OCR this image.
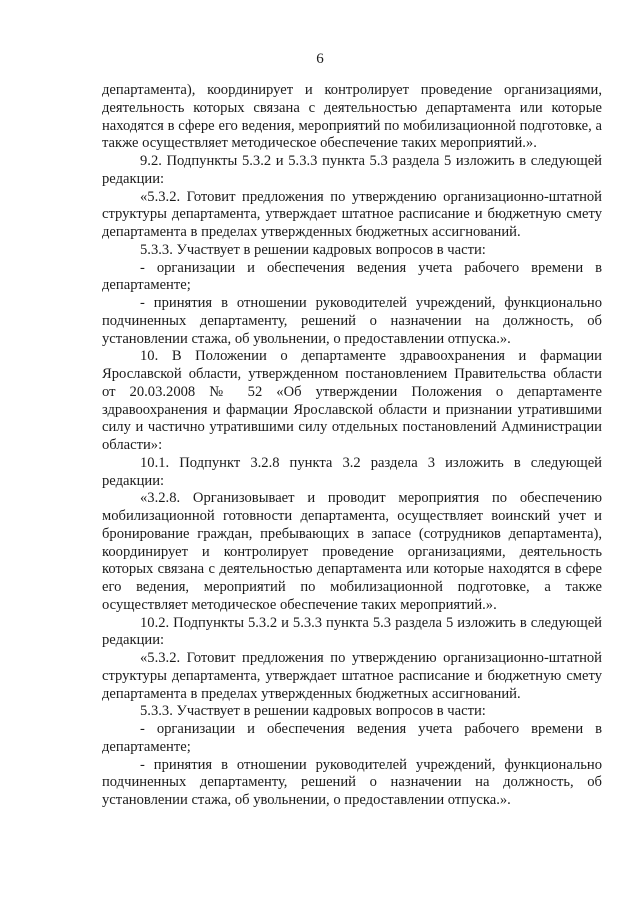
6

департамента), координирует и контролирует проведение организациями, деятельность которых связана с деятельностью департамента или которые находятся в сфере его ведения, мероприятий по мобилизационной подготовке, а также осуществляет методическое обеспечение таких мероприятий.».

9.2. Подпункты 5.3.2 и 5.3.3 пункта 5.3 раздела 5 изложить в следующей редакции:

«5.3.2. Готовит предложения по утверждению организационно-штатной структуры департамента, утверждает штатное расписание и бюджетную смету департамента в пределах утвержденных бюджетных ассигнований.

5.3.3. Участвует в решении кадровых вопросов в части:

- организации и обеспечения ведения учета рабочего времени в департаменте;

- принятия в отношении руководителей учреждений, функционально подчиненных департаменту, решений о назначении на должность, об установлении стажа, об увольнении, о предоставлении отпуска.».

10. В Положении о департаменте здравоохранения и фармации Ярославской области, утвержденном постановлением Правительства области от 20.03.2008 № 52 «Об утверждении Положения о департаменте здравоохранения и фармации Ярославской области и признании утратившими силу и частично утратившими силу отдельных постановлений Администрации области»:

10.1. Подпункт 3.2.8 пункта 3.2 раздела 3 изложить в следующей редакции:

«3.2.8. Организовывает и проводит мероприятия по обеспечению мобилизационной готовности департамента, осуществляет воинский учет и бронирование граждан, пребывающих в запасе (сотрудников департамента), координирует и контролирует проведение организациями, деятельность которых связана с деятельностью департамента или которые находятся в сфере его ведения, мероприятий по мобилизационной подготовке, а также осуществляет методическое обеспечение таких мероприятий.».

10.2. Подпункты 5.3.2 и 5.3.3 пункта 5.3 раздела 5 изложить в следующей редакции:

«5.3.2. Готовит предложения по утверждению организационно-штатной структуры департамента, утверждает штатное расписание и бюджетную смету департамента в пределах утвержденных бюджетных ассигнований.

5.3.3. Участвует в решении кадровых вопросов в части:

- организации и обеспечения ведения учета рабочего времени в департаменте;

- принятия в отношении руководителей учреждений, функционально подчиненных департаменту, решений о назначении на должность, об установлении стажа, об увольнении, о предоставлении отпуска.».
